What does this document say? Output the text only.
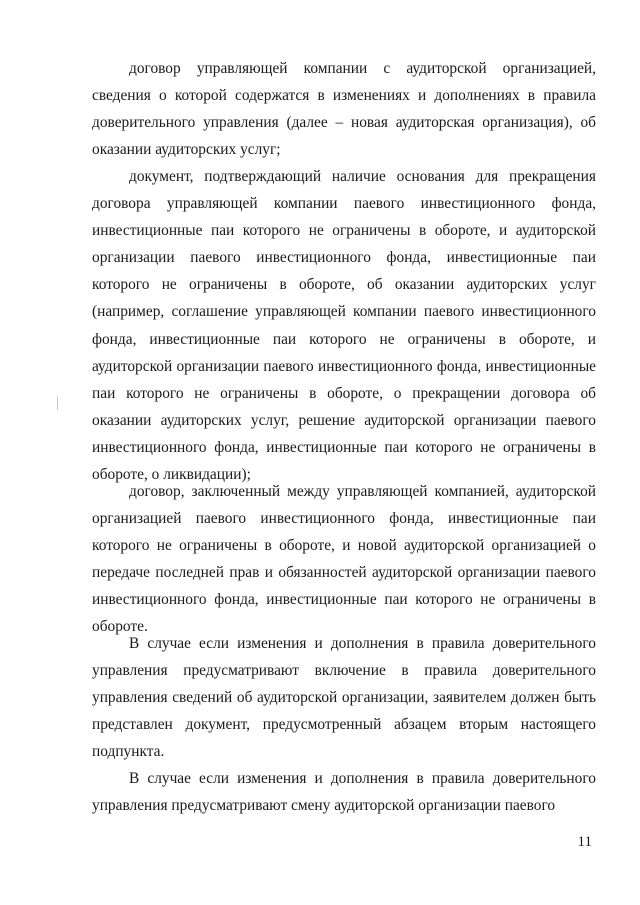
договор управляющей компании с аудиторской организацией, сведения о которой содержатся в изменениях и дополнениях в правила доверительного управления (далее – новая аудиторская организация), об оказании аудиторских услуг;

документ, подтверждающий наличие основания для прекращения договора управляющей компании паевого инвестиционного фонда, инвестиционные паи которого не ограничены в обороте, и аудиторской организации паевого инвестиционного фонда, инвестиционные паи которого не ограничены в обороте, об оказании аудиторских услуг (например, соглашение управляющей компании паевого инвестиционного фонда, инвестиционные паи которого не ограничены в обороте, и аудиторской организации паевого инвестиционного фонда, инвестиционные паи которого не ограничены в обороте, о прекращении договора об оказании аудиторских услуг, решение аудиторской организации паевого инвестиционного фонда, инвестиционные паи которого не ограничены в обороте, о ликвидации);

договор, заключенный между управляющей компанией, аудиторской организацией паевого инвестиционного фонда, инвестиционные паи которого не ограничены в обороте, и новой аудиторской организацией о передаче последней прав и обязанностей аудиторской организации паевого инвестиционного фонда, инвестиционные паи которого не ограничены в обороте.

В случае если изменения и дополнения в правила доверительного управления предусматривают включение в правила доверительного управления сведений об аудиторской организации, заявителем должен быть представлен документ, предусмотренный абзацем вторым настоящего подпункта.

В случае если изменения и дополнения в правила доверительного управления предусматривают смену аудиторской организации паевого

11
